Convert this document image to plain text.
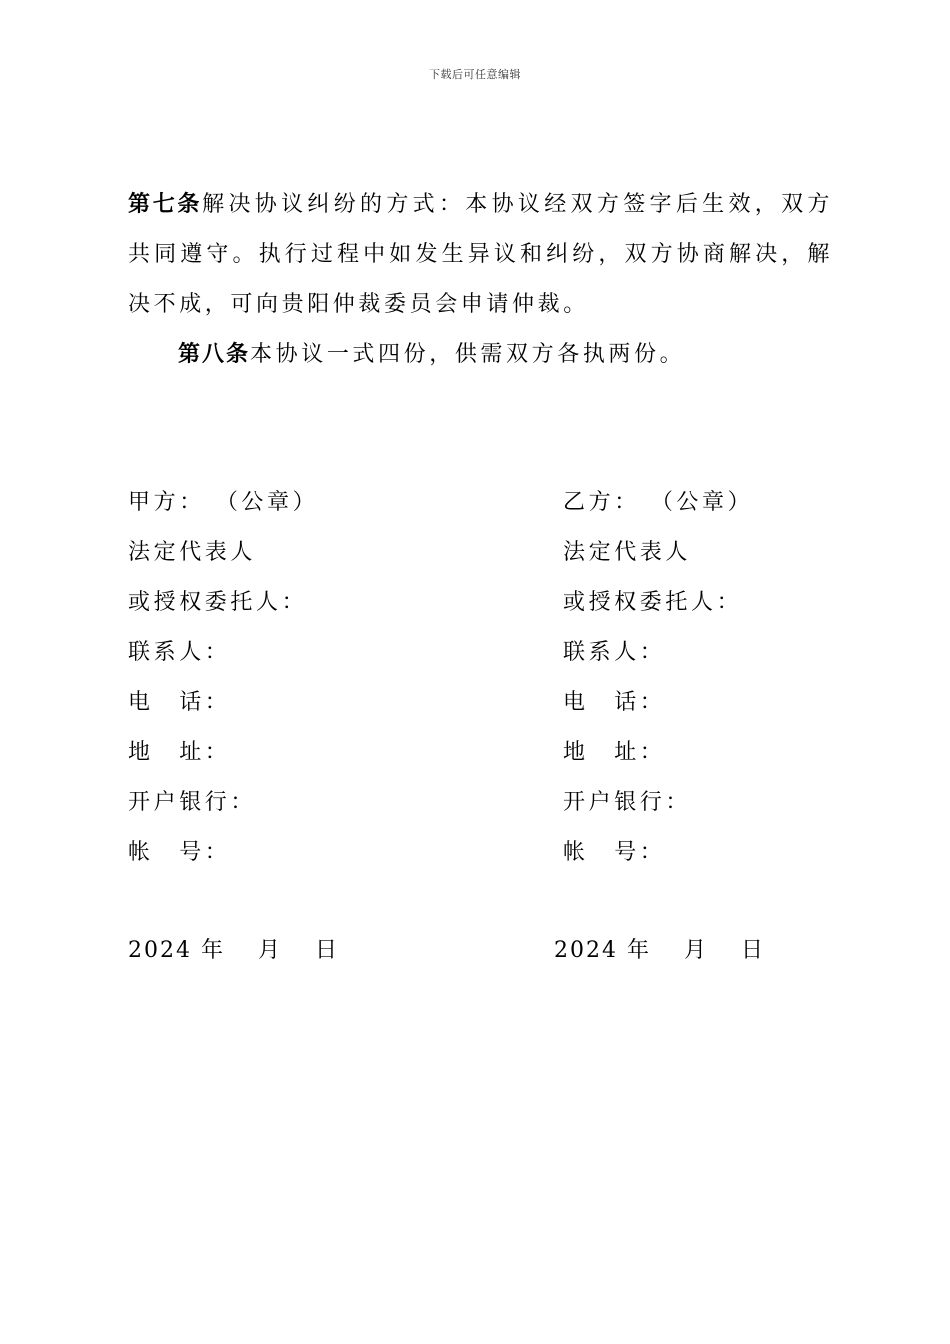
下载后可任意编辑
第七条解决协议纠纷的方式：本协议经双方签字后生效，双方共同遵守。执行过程中如发生异议和纠纷，双方协商解决，解决不成，可向贵阳仲裁委员会申请仲裁。
第八条本协议一式四份，供需双方各执两份。
甲方： （公章）
法定代表人
或授权委托人：
联系人：
电　话：
地　址：
开户银行：
帐　号：
乙方： （公章）
法定代表人
或授权委托人：
联系人：
电　话：
地　址：
开户银行：
帐　号：
2024 年　 月　 日	2024 年　 月　 日
